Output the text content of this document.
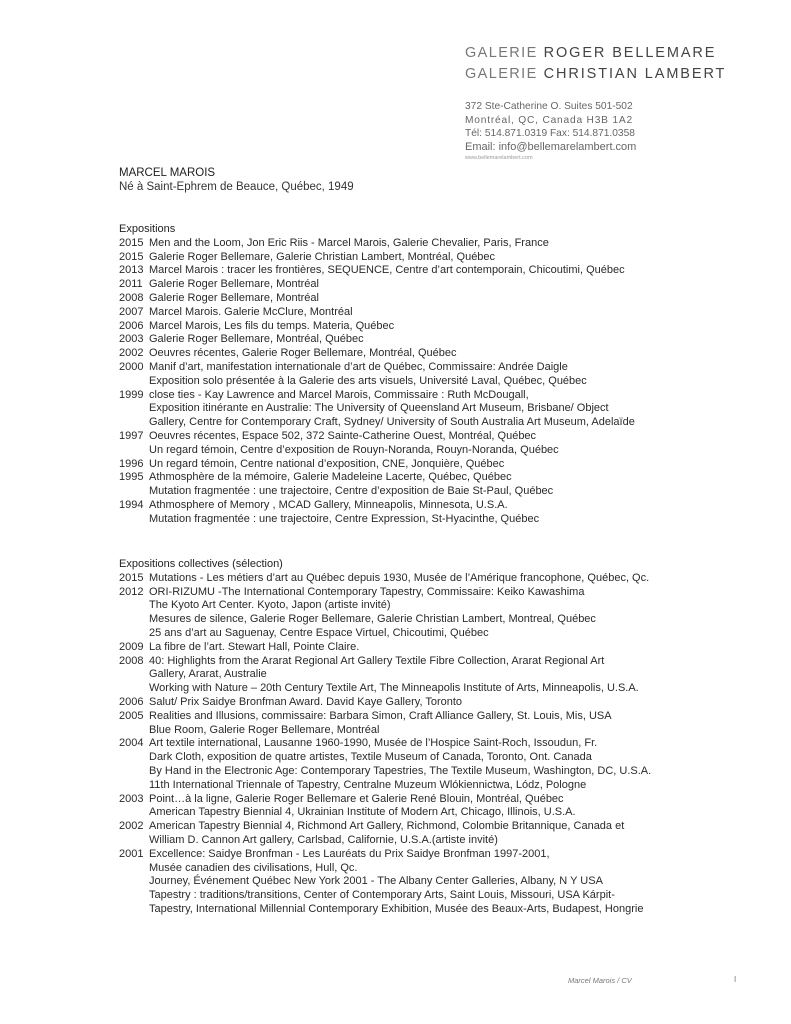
GALERIE ROGER BELLEMARE
GALERIE CHRISTIAN LAMBERT
372 Ste-Catherine O. Suites 501-502
Montréal, QC, Canada H3B 1A2
Tél: 514.871.0319 Fax: 514.871.0358
Email: info@bellemarelambert.com
www.bellemarelambert.com
MARCEL MAROIS
Né à Saint-Ephrem de Beauce, Québec, 1949
Expositions
2015 Men and the Loom, Jon Eric Riis - Marcel Marois, Galerie Chevalier, Paris, France
2015 Galerie Roger Bellemare, Galerie Christian Lambert, Montréal, Québec
2013 Marcel Marois : tracer les frontières, SEQUENCE, Centre d’art contemporain, Chicoutimi, Québec
2011 Galerie Roger Bellemare, Montréal
2008 Galerie Roger Bellemare, Montréal
2007 Marcel Marois. Galerie McClure, Montréal
2006 Marcel Marois, Les fils du temps. Materia, Québec
2003 Galerie Roger Bellemare, Montréal, Québec
2002 Oeuvres récentes, Galerie Roger Bellemare, Montréal, Québec
2000 Manif d’art, manifestation internationale d’art de Québec, Commissaire: Andrée Daigle
Exposition solo présentée à la Galerie des arts visuels, Université Laval, Québec, Québec
1999 close ties - Kay Lawrence and Marcel Marois, Commissaire : Ruth McDougall,
Exposition itinérante en Australie: The University of Queensland Art Museum, Brisbane/ Object
Gallery, Centre for Contemporary Craft, Sydney/ University of South Australia Art Museum, Adelaïde
1997 Oeuvres récentes, Espace 502, 372 Sainte-Catherine Ouest, Montréal, Québec
Un regard témoin, Centre d’exposition de Rouyn-Noranda, Rouyn-Noranda, Québec
1996 Un regard témoin, Centre national d’exposition, CNE, Jonquière, Québec
1995 Athmosphère de la mémoire, Galerie Madeleine Lacerte, Québec, Québec
Mutation fragmentée : une trajectoire, Centre d’exposition de Baie St-Paul, Québec
1994 Athmosphere of Memory , MCAD Gallery, Minneapolis, Minnesota, U.S.A.
Mutation fragmentée : une trajectoire, Centre Expression, St-Hyacinthe, Québec
Expositions collectives (sélection)
2015 Mutations - Les métiers d’art au Québec depuis 1930, Musée de l’Amérique francophone, Québec, Qc.
2012 ORI-RIZUMU -The International Contemporary Tapestry, Commissaire: Keiko Kawashima
The Kyoto Art Center. Kyoto, Japon (artiste invité)
Mesures de silence, Galerie Roger Bellemare, Galerie Christian Lambert, Montreal, Québec
25 ans d’art au Saguenay, Centre Espace Virtuel, Chicoutimi, Québec
2009 La fibre de l’art. Stewart Hall, Pointe Claire.
2008 40: Highlights from the Ararat Regional Art Gallery Textile Fibre Collection, Ararat Regional Art
Gallery, Ararat, Australie
Working with Nature – 20th Century Textile Art, The Minneapolis Institute of Arts, Minneapolis, U.S.A.
2006 Salut/ Prix Saidye Bronfman Award. David Kaye Gallery, Toronto
2005 Realities and Illusions, commissaire: Barbara Simon, Craft Alliance Gallery, St. Louis, Mis, USA
Blue Room, Galerie Roger Bellemare, Montréal
2004 Art textile international, Lausanne 1960-1990, Musée de l’Hospice Saint-Roch, Issoudun, Fr.
Dark Cloth, exposition de quatre artistes, Textile Museum of Canada, Toronto, Ont. Canada
By Hand in the Electronic Age: Contemporary Tapestries, The Textile Museum, Washington, DC, U.S.A.
11th International Triennale of Tapestry, Centralne Muzeum Wlókiennictwa, Lódz, Pologne
2003 Point…à la ligne, Galerie Roger Bellemare et Galerie René Blouin, Montréal, Québec
American Tapestry Biennial 4, Ukrainian Institute of Modern Art, Chicago, Illinois, U.S.A.
2002 American Tapestry Biennial 4, Richmond Art Gallery, Richmond, Colombie Britannique, Canada et
William D. Cannon Art gallery, Carlsbad, Californie, U.S.A.(artiste invité)
2001 Excellence: Saidye Bronfman - Les Lauréats du Prix Saidye Bronfman 1997-2001,
Musée canadien des civilisations, Hull, Qc.
Journey, Événement Québec New York 2001 - The Albany Center Galleries, Albany, N Y USA
Tapestry : traditions/transitions, Center of Contemporary Arts, Saint Louis, Missouri, USA Kárpit-
Tapestry, International Millennial Contemporary Exhibition, Musée des Beaux-Arts, Budapest, Hongrie
Marcel Marois / CV	I
